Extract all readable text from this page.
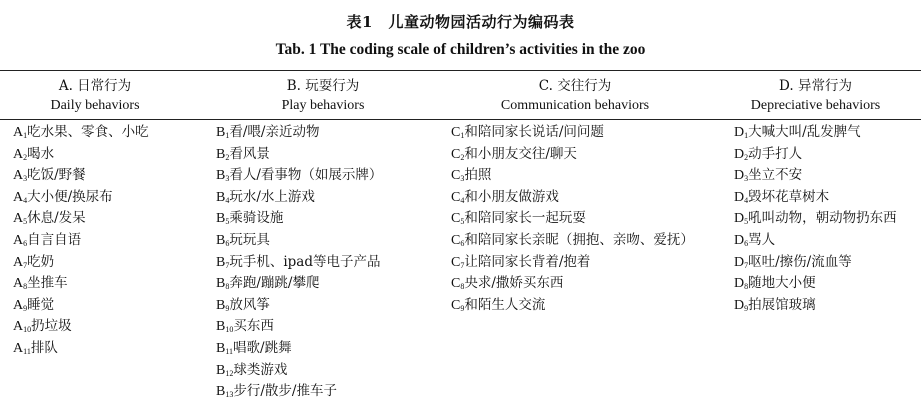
表1　儿童动物园活动行为编码表
Tab. 1 The coding scale of children’s activities in the zoo
A. 日常行为
Daily behaviors
B. 玩耍行为
Play behaviors
C. 交往行为
Communication behaviors
D. 异常行为
Depreciative behaviors
$A_1$吃水果、零食、小吃
$A_2$喝水
$A_3$吃饭/野餐
$A_4$大小便/换尿布
$A_5$休息/发呆
$A_6$自言自语
$A_7$吃奶
$A_8$坐推车
$A_9$睡觉
$A_{10}$扔垃圾
$A_{11}$排队
$B_1$看/喂/亲近动物
$B_2$看风景
$B_3$看人/看事物（如展示牌）
$B_4$玩水/水上游戏
$B_5$乘骑设施
$B_6$玩玩具
$B_7$玩手机、ipad等电子产品
$B_8$奔跑/蹦跳/攀爬
$B_9$放风筝
$B_{10}$买东西
$B_{11}$唱歌/跳舞
$B_{12}$球类游戏
$B_{13}$步行/散步/推车子
$C_1$和陪同家长说话/问问题
$C_2$和小朋友交往/聊天
$C_3$拍照
$C_4$和小朋友做游戏
$C_5$和陪同家长一起玩耍
$C_6$和陪同家长亲昵（拥抱、亲吻、爱抚）
$C_7$让陪同家长背着/抱着
$C_8$央求/撒娇买东西
$C_9$和陌生人交流
$D_1$大喊大叫/乱发脾气
$D_2$动手打人
$D_3$坐立不安
$D_4$毁坏花草树木
$D_5$吼叫动物，朝动物扔东西
$D_6$骂人
$D_7$呕吐/擦伤/流血等
$D_8$随地大小便
$D_9$拍展馆玻璃
